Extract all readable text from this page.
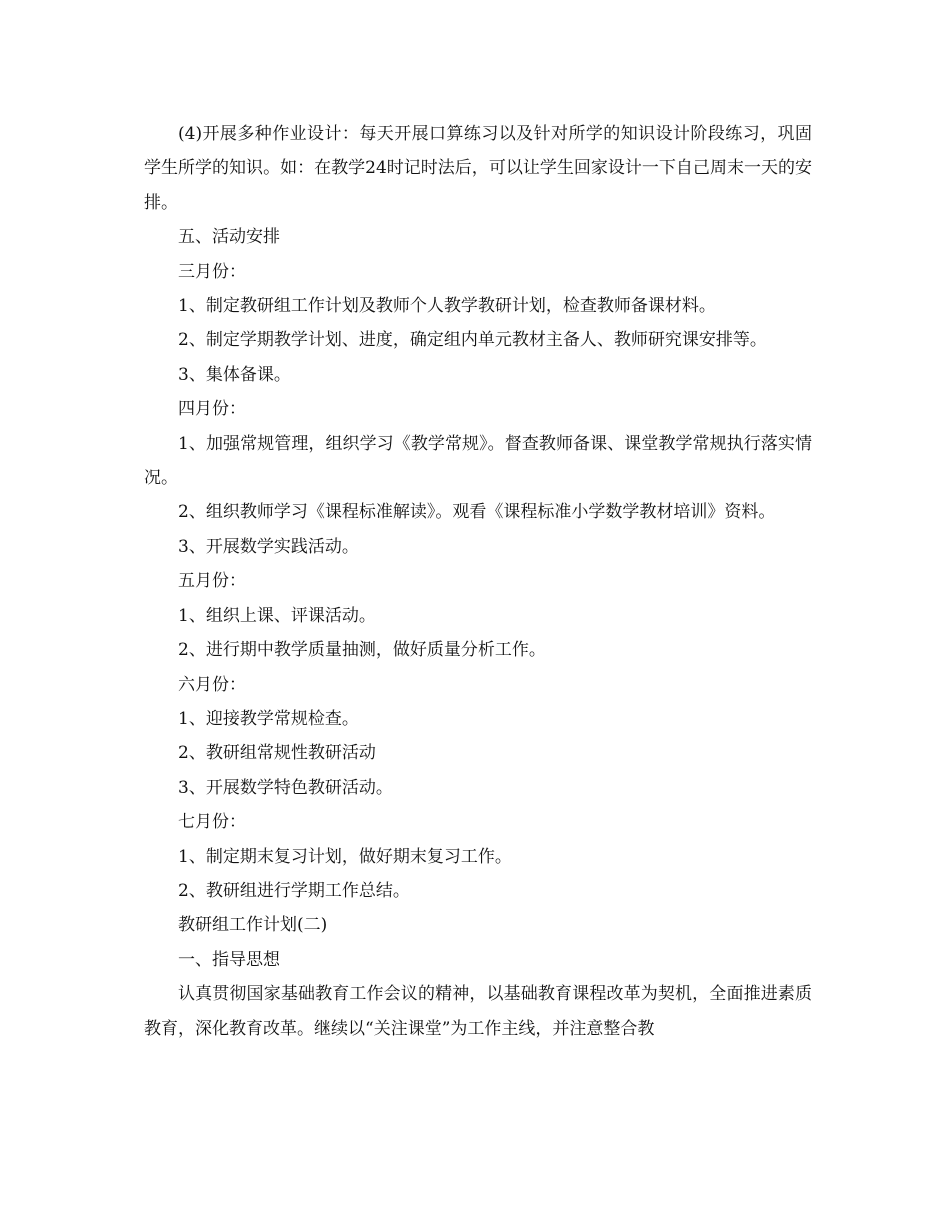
(4)开展多种作业设计：每天开展口算练习以及针对所学的知识设计阶段练习，巩固学生所学的知识。如：在教学24时记时法后，可以让学生回家设计一下自己周末一天的安排。

五、活动安排

三月份：

1、制定教研组工作计划及教师个人教学教研计划，检查教师备课材料。

2、制定学期教学计划、进度，确定组内单元教材主备人、教师研究课安排等。

3、集体备课。

四月份：

1、加强常规管理，组织学习《教学常规》。督查教师备课、课堂教学常规执行落实情况。

2、组织教师学习《课程标准解读》。观看《课程标准小学数学教材培训》资料。

3、开展数学实践活动。

五月份：

1、组织上课、评课活动。

2、进行期中教学质量抽测，做好质量分析工作。

六月份：

1、迎接教学常规检查。

2、教研组常规性教研活动

3、开展数学特色教研活动。

七月份：

1、制定期末复习计划，做好期末复习工作。

2、教研组进行学期工作总结。

教研组工作计划(二)

一、指导思想

认真贯彻国家基础教育工作会议的精神，以基础教育课程改革为契机，全面推进素质教育，深化教育改革。继续以“关注课堂”为工作主线，并注意整合教
